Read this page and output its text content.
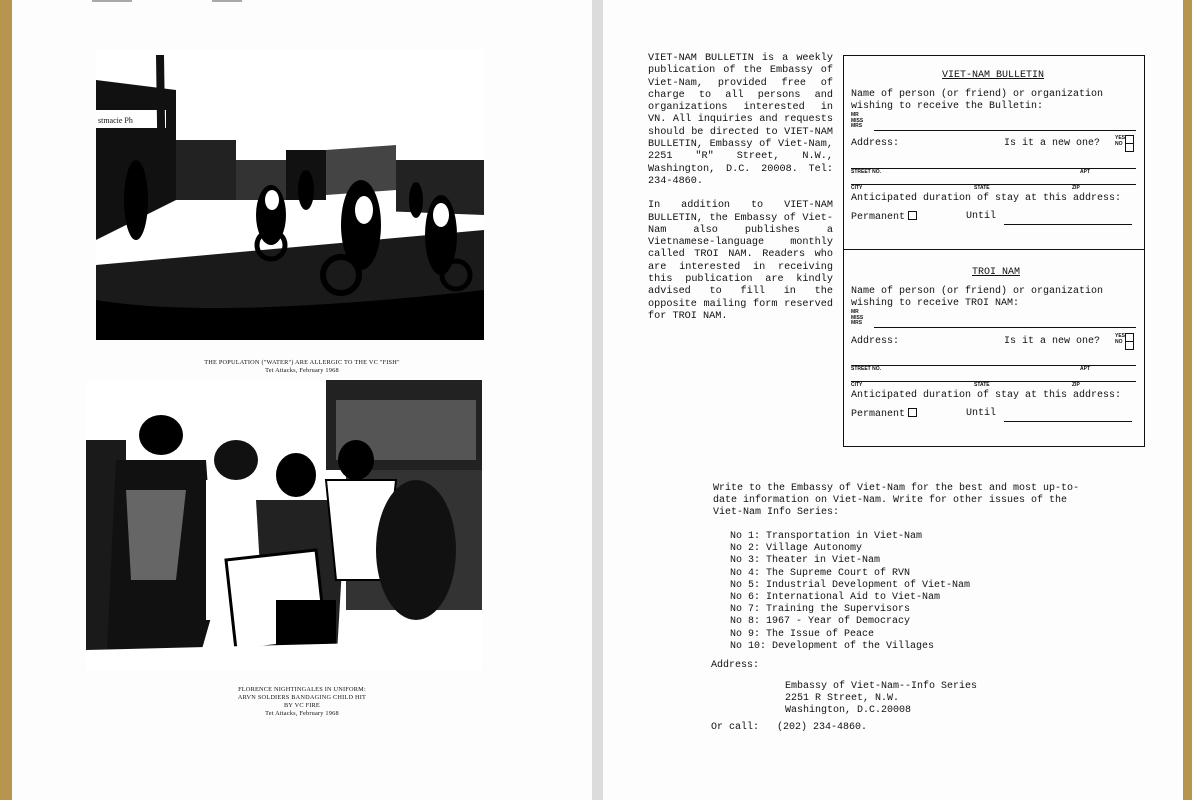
stmacie Ph
THE POPULATION ("WATER") ARE ALLERGIC TO THE VC "FISH"
Tet Attacks, February 1968
FLORENCE NIGHTINGALES IN UNIFORM:
ARVN SOLDIERS BANDAGING CHILD HIT
BY VC FIRE
Tet Attacks, February 1968

VIET-NAM BULLETIN is a weekly publication of the Embassy of Viet-Nam, provided free of charge to all persons and organizations interested in VN. All inquiries and requests should be directed to VIET-NAM BULLETIN, Embassy of Viet-Nam, 2251 "R" Street, N.W., Washington, D.C. 20008. Tel: 234-4860.

In addition to VIET-NAM BULLETIN, the Embassy of Viet-Nam also publishes a Vietnamese-language monthly called TROI NAM. Readers who are interested in receiving this publication are kindly advised to fill in the opposite mailing form reserved for TROI NAM.

VIET-NAM BULLETIN
Name of person (or friend) or organization
wishing to receive the Bulletin:
MR
MISS
MRS
Address:	Is it a new one?	YES
NO
STREET NO.	APT
CITY	STATE	ZIP
Anticipated duration of stay at this address:
Permanent	Until
TROI NAM
Name of person (or friend) or organization
wishing to receive TROI NAM:
MR
MISS
MRS
Address:	Is it a new one?	YES
NO
STREET NO.	APT
CITY	STATE	ZIP
Anticipated duration of stay at this address:
Permanent	Until
Write to the Embassy of Viet-Nam for the best and most up-to-date information on Viet-Nam. Write for other issues of the Viet-Nam Info Series:
No 1: Transportation in Viet-Nam
No 2: Village Autonomy
No 3: Theater in Viet-Nam
No 4: The Supreme Court of RVN
No 5: Industrial Development of Viet-Nam
No 6: International Aid to Viet-Nam
No 7: Training the Supervisors
No 8: 1967 - Year of Democracy
No 9: The Issue of Peace
No 10: Development of the Villages
Address:
Embassy of Viet-Nam--Info Series
2251 R Street, N.W.
Washington, D.C.20008
Or call: (202) 234-4860.
